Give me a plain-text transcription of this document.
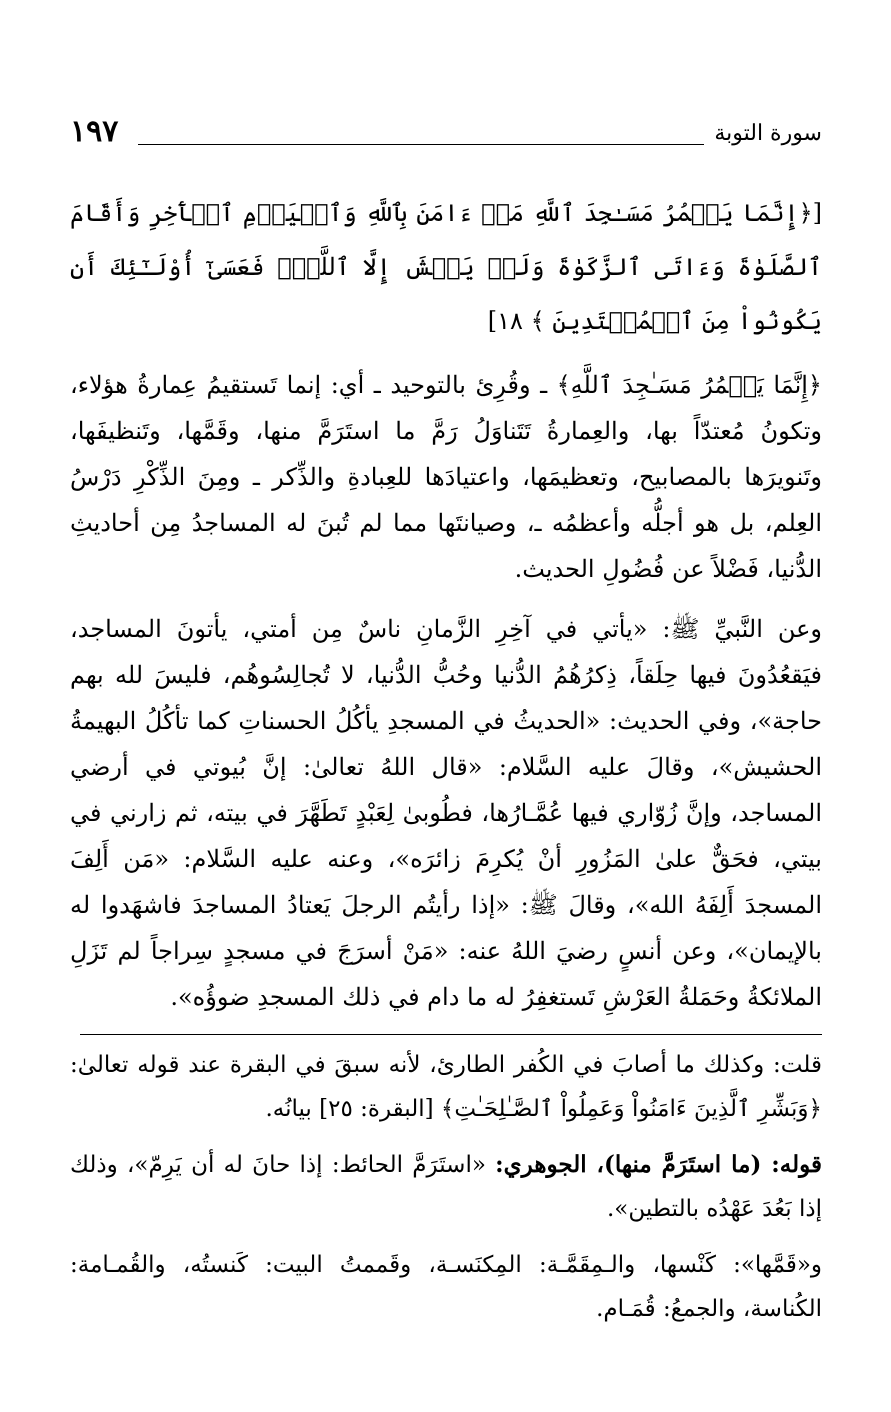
سورة التوبة
١٩٧

[﴿إِنَّمَا يَعۡمُرُ مَسَـٰجِدَ ٱللَّهِ مَنۡ ءَامَنَ بِٱللَّهِ وَٱلۡيَوۡمِ ٱلۡأٓخِرِ وَأَقَامَ ٱلصَّلَوٰةَ وَءَاتَى ٱلزَّكَوٰةَ وَلَمۡ يَخۡشَ إِلَّا ٱللَّهَۖ فَعَسَىٰٓ أُوْلَـٰٓئِكَ أَن يَكُونُواْ مِنَ ٱلۡمُهۡتَدِينَ ﴾ ١٨]

﴿إِنَّمَا يَعۡمُرُ مَسَـٰجِدَ ٱللَّهِ﴾ ـ وقُرِئ بالتوحيد ـ أي: إنما تَستقيمُ عِمارةُ هؤلاء، وتكونُ مُعتدّاً بها، والعِمارةُ تَتَناوَلُ رَمَّ ما استَرَمَّ منها، وقَمَّها، وتَنظيفَها، وتَنويرَها بالمصابيح، وتعظيمَها، واعتيادَها للعِبادةِ والذِّكر ـ ومِنَ الذِّكْرِ دَرْسُ العِلم، بل هو أجلُّه وأعظمُه ـ، وصيانتَها مما لم تُبنَ له المساجدُ مِن أحاديثِ الدُّنيا، فَضْلاً عن فُضُولِ الحديث.

وعن النَّبيِّ ﷺ: «يأتي في آخِرِ الزَّمانِ ناسٌ مِن أمتي، يأتونَ المساجد، فيَقعُدُونَ فيها حِلَقاً، ذِكرُهُمُ الدُّنيا وحُبُّ الدُّنيا، لا تُجالِسُوهُم، فليسَ لله بهم حاجة»، وفي الحديث: «الحديثُ في المسجدِ يأكُلُ الحسناتِ كما تأكُلُ البهيمةُ الحشيش»، وقالَ عليه السَّلام: «قال اللهُ تعالىٰ: إنَّ بُيوتي في أرضي المساجد، وإنَّ زُوّاري فيها عُمَّـارُها، فطُوبىٰ لِعَبْدٍ تَطَهَّرَ في بيته، ثم زارني في بيتي، فحَقٌّ علىٰ المَزُورِ أنْ يُكرِمَ زائرَه»، وعنه عليه السَّلام: «مَن أَلِفَ المسجدَ أَلِفَهُ الله»، وقالَ ﷺ: «إذا رأيتُم الرجلَ يَعتادُ المساجدَ فاشهَدوا له بالإيمان»، وعن أنسٍ رضيَ اللهُ عنه: «مَنْ أسرَجَ في مسجدٍ سِراجاً لم تَزَلِ الملائكةُ وحَمَلةُ العَرْشِ تَستغفِرُ له ما دام في ذلك المسجدِ ضوؤُه».

قلت: وكذلك ما أصابَ في الكُفر الطارئ، لأنه سبقَ في البقرة عند قوله تعالىٰ: ﴿وَبَشِّرِ ٱلَّذِينَ ءَامَنُواْ وَعَمِلُواْ ٱلصَّـٰلِحَـٰتِ﴾ [البقرة: ٢٥] بيانُه.

قوله: (ما استَرَمَّ منها)، الجوهري: «استَرَمَّ الحائط: إذا حانَ له أن يَرِمّ»، وذلك إذا بَعُدَ عَهْدُه بالتطين».

و«قَمَّها»: كَنْسها، والـمِقَمَّـة: المِكنَسـة، وقَممتُ البيت: كَنستُه، والقُمـامة: الكُناسة، والجمعُ: قُمَـام.
